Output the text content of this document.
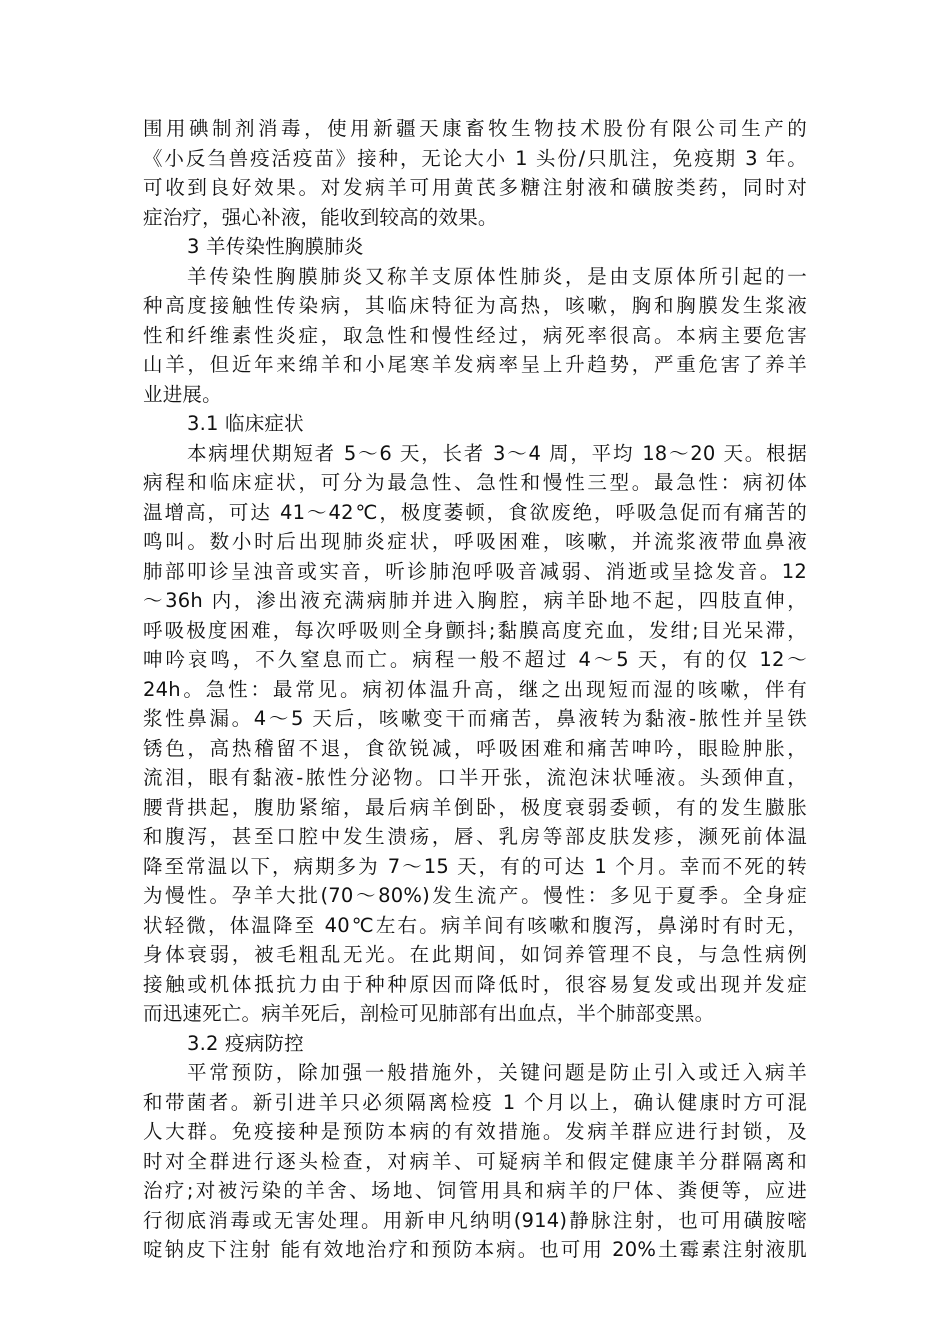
围用碘制剂消毒，使用新疆天康畜牧生物技术股份有限公司生产的
《小反刍兽疫活疫苗》接种，无论大小 1 头份/只肌注，免疫期 3 年。
可收到良好效果。对发病羊可用黄芪多糖注射液和磺胺类药，同时对
症治疗，强心补液，能收到较高的效果。
3 羊传染性胸膜肺炎
羊传染性胸膜肺炎又称羊支原体性肺炎，是由支原体所引起的一
种高度接触性传染病，其临床特征为高热，咳嗽，胸和胸膜发生浆液
性和纤维素性炎症，取急性和慢性经过，病死率很高。本病主要危害
山羊，但近年来绵羊和小尾寒羊发病率呈上升趋势，严重危害了养羊
业进展。
3.1 临床症状
本病埋伏期短者 5～6 天，长者 3～4 周，平均 18～20 天。根据
病程和临床症状，可分为最急性、急性和慢性三型。最急性：病初体
温增高，可达 41～42℃，极度萎顿，食欲废绝，呼吸急促而有痛苦的
鸣叫。数小时后出现肺炎症状，呼吸困难，咳嗽，并流浆液带血鼻液
肺部叩诊呈浊音或实音，听诊肺泡呼吸音减弱、消逝或呈捻发音。12
～36h 内，渗出液充满病肺并进入胸腔，病羊卧地不起，四肢直伸，
呼吸极度困难，每次呼吸则全身颤抖;黏膜高度充血，发绀;目光呆滞，
呻吟哀鸣，不久窒息而亡。病程一般不超过 4～5 天，有的仅 12～
24h。急性：最常见。病初体温升高，继之出现短而湿的咳嗽，伴有
浆性鼻漏。4～5 天后，咳嗽变干而痛苦，鼻液转为黏液-脓性并呈铁
锈色，高热稽留不退，食欲锐减，呼吸困难和痛苦呻吟，眼睑肿胀，
流泪，眼有黏液-脓性分泌物。口半开张，流泡沫状唾液。头颈伸直，
腰背拱起，腹肋紧缩，最后病羊倒卧，极度衰弱委顿，有的发生臌胀
和腹泻，甚至口腔中发生溃疡，唇、乳房等部皮肤发疹，濒死前体温
降至常温以下，病期多为 7～15 天，有的可达 1 个月。幸而不死的转
为慢性。孕羊大批(70～80%)发生流产。慢性：多见于夏季。全身症
状轻微，体温降至 40℃左右。病羊间有咳嗽和腹泻，鼻涕时有时无，
身体衰弱，被毛粗乱无光。在此期间，如饲养管理不良，与急性病例
接触或机体抵抗力由于种种原因而降低时，很容易复发或出现并发症
而迅速死亡。病羊死后，剖检可见肺部有出血点，半个肺部变黑。
3.2 疫病防控
平常预防，除加强一般措施外，关键问题是防止引入或迁入病羊
和带菌者。新引进羊只必须隔离检疫 1 个月以上，确认健康时方可混
人大群。免疫接种是预防本病的有效措施。发病羊群应进行封锁，及
时对全群进行逐头检查，对病羊、可疑病羊和假定健康羊分群隔离和
治疗;对被污染的羊舍、场地、饲管用具和病羊的尸体、粪便等，应进
行彻底消毒或无害处理。用新申凡纳明(914)静脉注射，也可用磺胺嘧
啶钠皮下注射 能有效地治疗和预防本病。也可用 20%土霉素注射液肌
